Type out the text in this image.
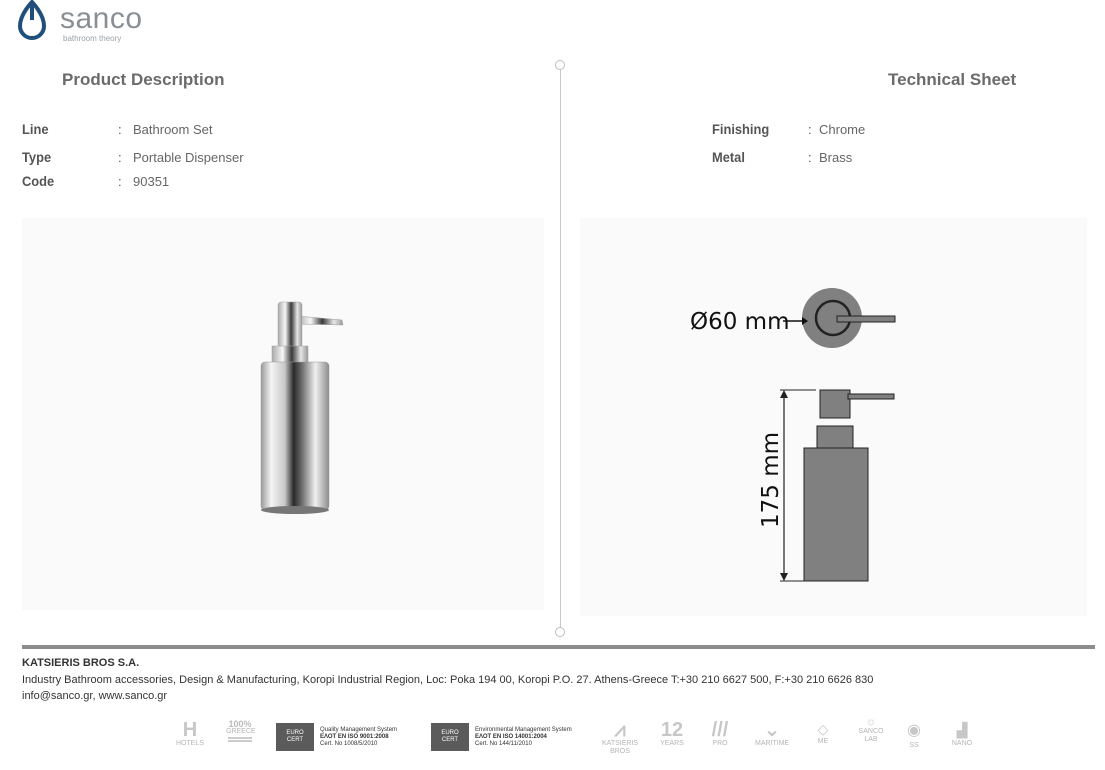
sanco
bathroom theory
Product Description
Line	: Bathroom Set
Type	: Portable Dispenser
Code	: 90351
Technical Sheet
Finishing	: Chrome
Metal	: Brass
Ø60 mm
175 mm
KATSIERIS BROS S.A.
Industry Bathroom accessories, Design & Manufacturing, Koropi Industrial Region, Loc: Poka 194 00, Koropi P.O. 27. Athens-Greece T:+30 210 6627 500, F:+30 210 6626 830
info@sanco.gr, www.sanco.gr
H
HOTELS
100%
GREECE	EURO
CERT
Quality Management System
ΕΛΟΤ EN ISO 9001:2008
Cert. No 1008/5/2010
EURO
CERT
Environmental Management System
ΕΛΟΤ EN ISO 14001:2004
Cert. No 144/11/2010
⩘
KATSIERIS
BROS
12
YEARS
///
PRO
⌄
MARITIME
◇
ME
☼
SANCO LAB
◉
SS
▟
NANO
